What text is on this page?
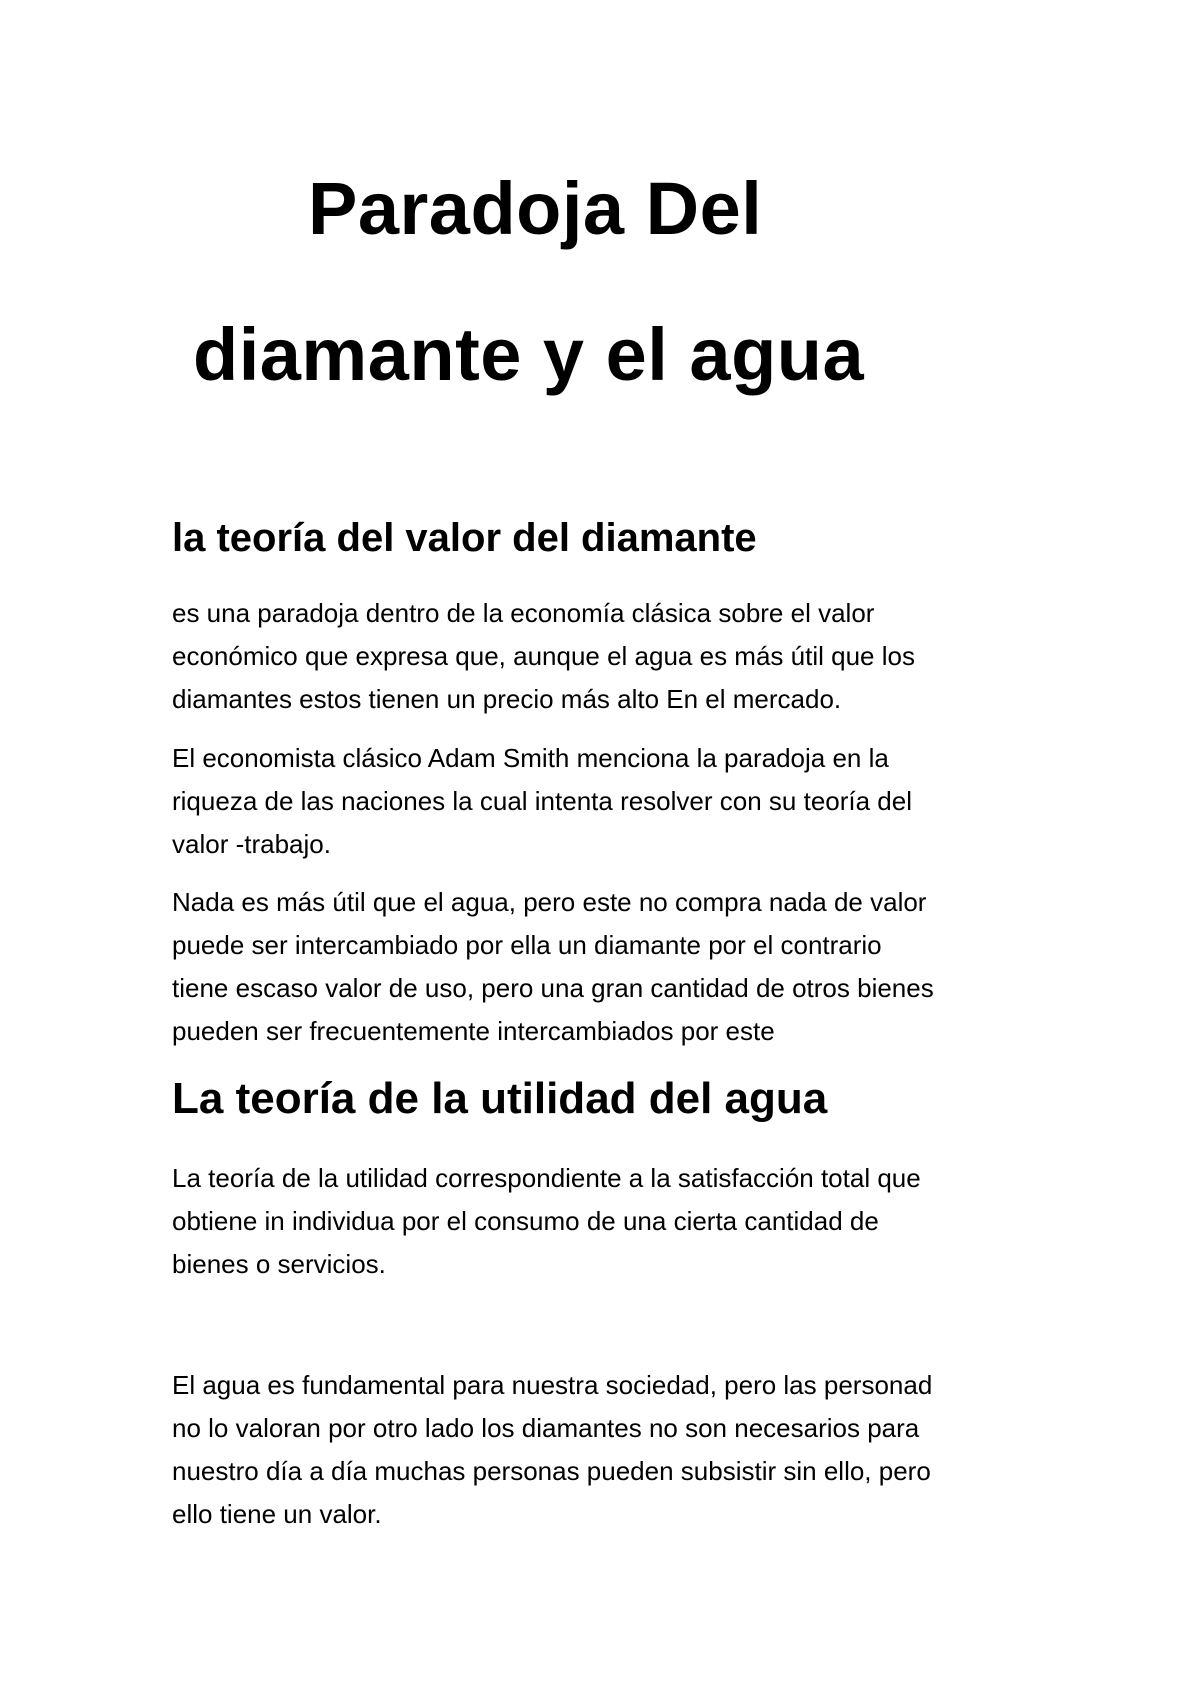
Paradoja Del
diamante y el agua
la teoría del valor del diamante

es una paradoja dentro de la economía clásica sobre el valor
económico que expresa que, aunque el agua es más útil que los
diamantes estos tienen un precio más alto En el mercado.

El economista clásico Adam Smith menciona la paradoja en la
riqueza de las naciones la cual intenta resolver con su teoría del
valor -trabajo.

Nada es más útil que el agua, pero este no compra nada de valor
puede ser intercambiado por ella un diamante por el contrario
tiene escaso valor de uso, pero una gran cantidad de otros bienes
pueden ser frecuentemente intercambiados por este

La teoría de la utilidad del agua

La teoría de la utilidad correspondiente a la satisfacción total que
obtiene in individua por el consumo de una cierta cantidad de
bienes o servicios.

El agua es fundamental para nuestra sociedad, pero las personad
no lo valoran por otro lado los diamantes no son necesarios para
nuestro día a día muchas personas pueden subsistir sin ello, pero
ello tiene un valor.
